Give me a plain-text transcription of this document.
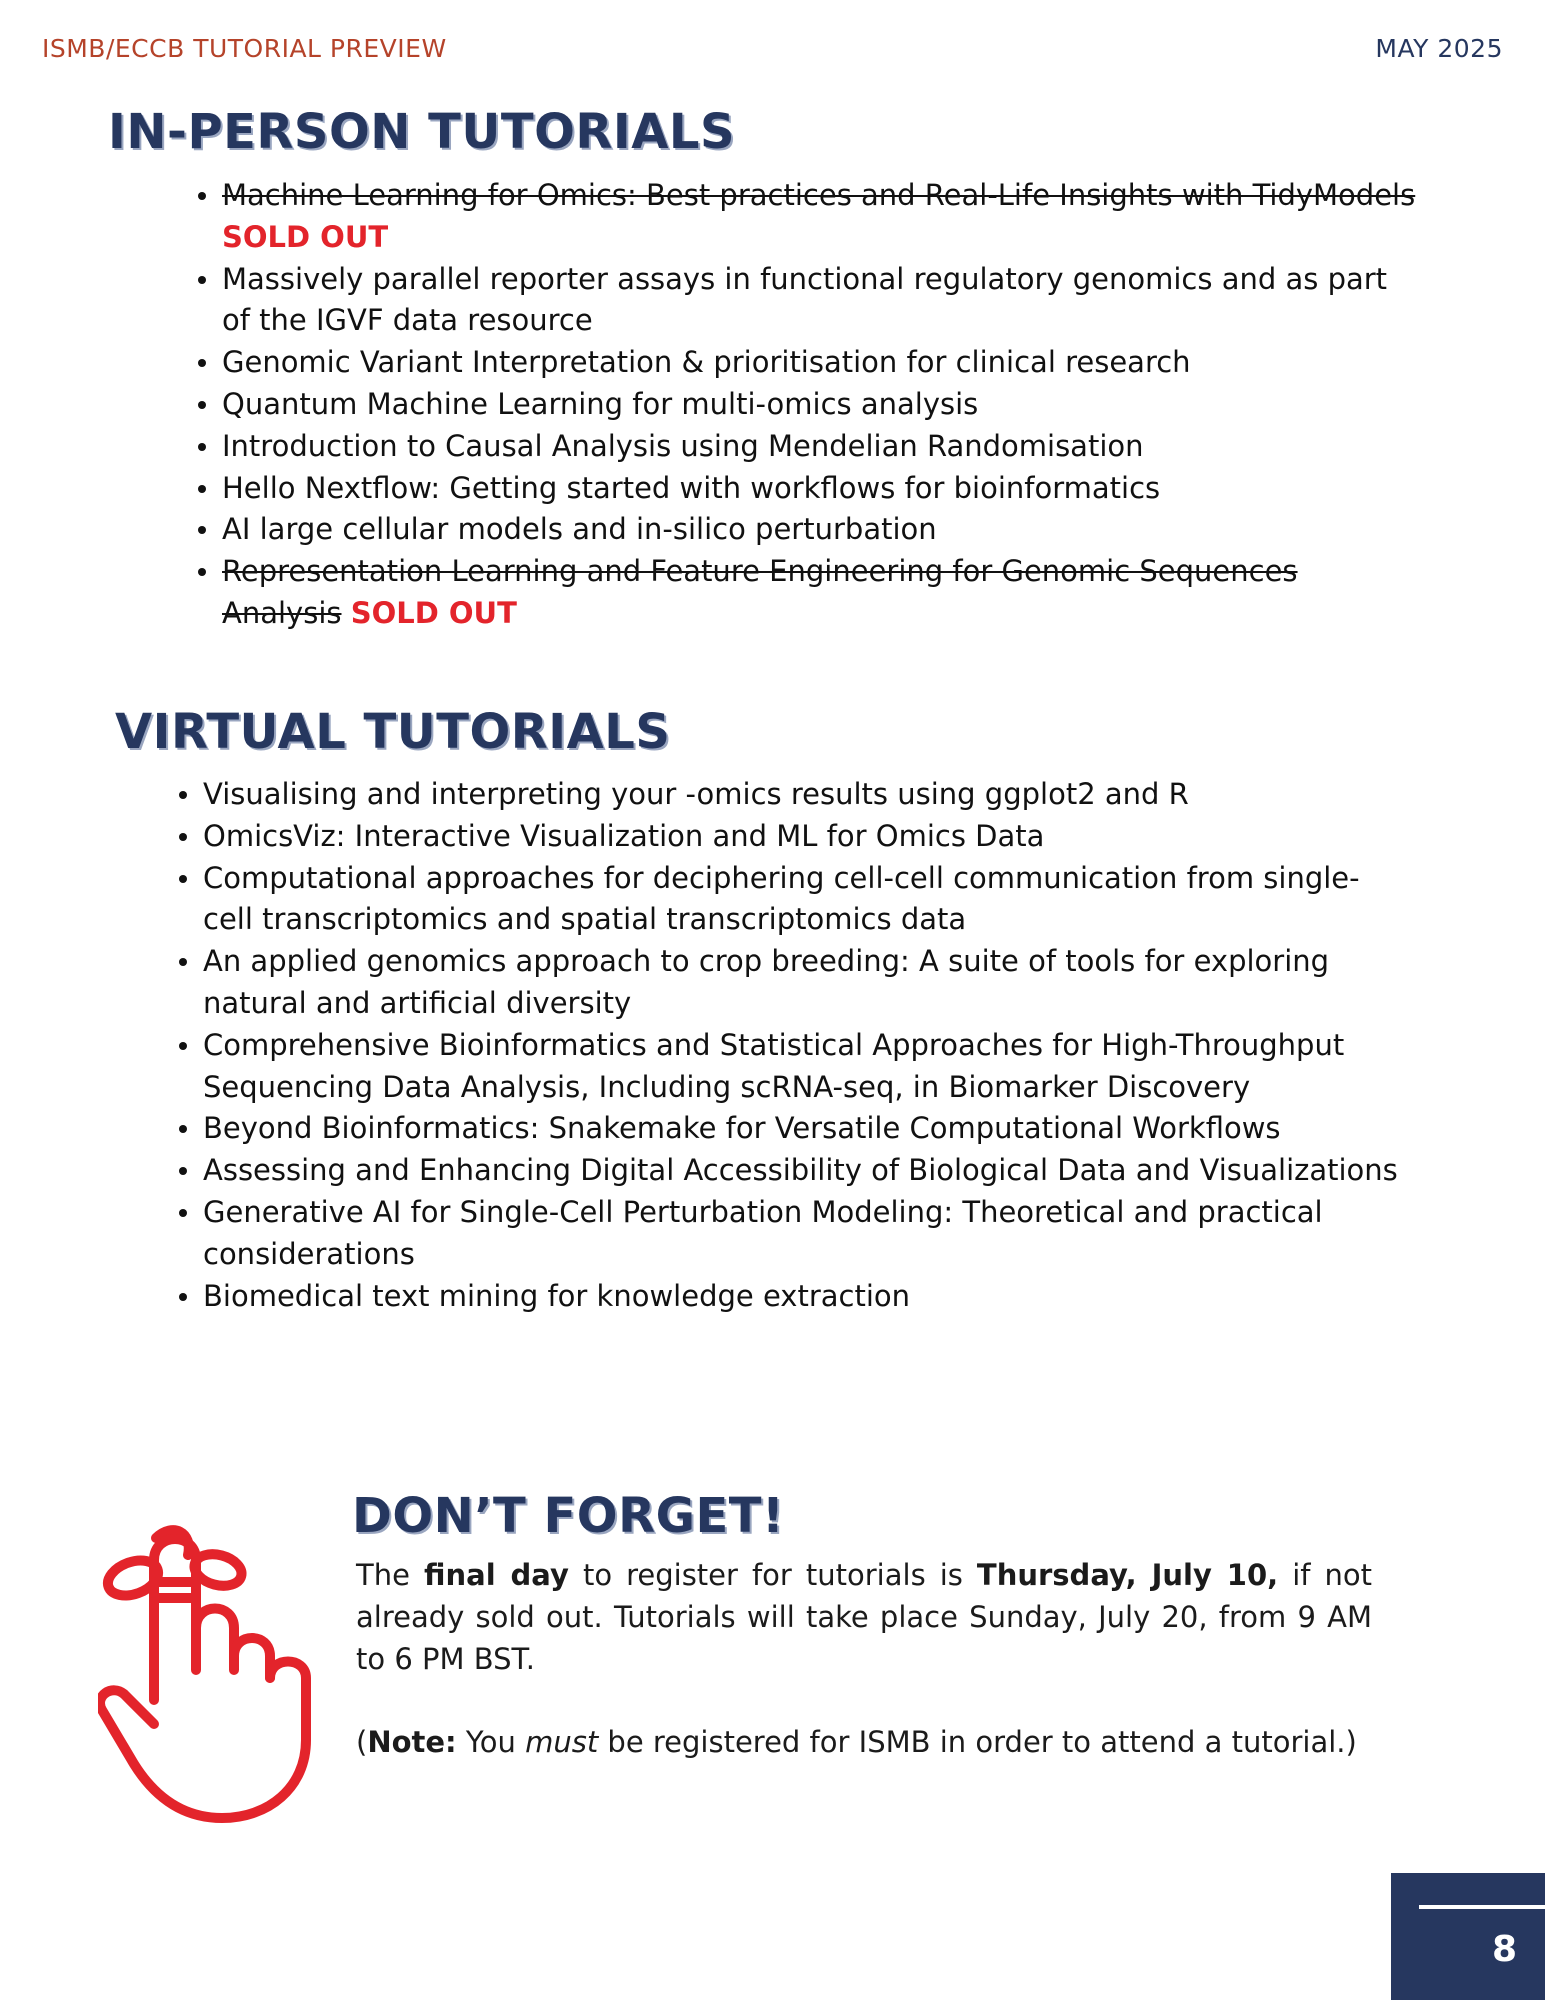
ISMB/ECCB TUTORIAL PREVIEW	MAY 2025
IN-PERSON TUTORIALS
Machine Learning for Omics: Best practices and Real-Life Insights with TidyModels SOLD OUT
Massively parallel reporter assays in functional regulatory genomics and as part of the IGVF data resource
Genomic Variant Interpretation & prioritisation for clinical research
Quantum Machine Learning for multi-omics analysis
Introduction to Causal Analysis using Mendelian Randomisation
Hello Nextflow: Getting started with workflows for bioinformatics
AI large cellular models and in-silico perturbation
Representation Learning and Feature Engineering for Genomic Sequences Analysis SOLD OUT
VIRTUAL TUTORIALS
Visualising and interpreting your -omics results using ggplot2 and R
OmicsViz: Interactive Visualization and ML for Omics Data
Computational approaches for deciphering cell-cell communication from single-cell transcriptomics and spatial transcriptomics data
An applied genomics approach to crop breeding: A suite of tools for exploring natural and artificial diversity
Comprehensive Bioinformatics and Statistical Approaches for High-Throughput Sequencing Data Analysis, Including scRNA-seq, in Biomarker Discovery
Beyond Bioinformatics: Snakemake for Versatile Computational Workflows
Assessing and Enhancing Digital Accessibility of Biological Data and Visualizations
Generative AI for Single-Cell Perturbation Modeling: Theoretical and practical considerations
Biomedical text mining for knowledge extraction
DON’T FORGET!

The final day to register for tutorials is Thursday, July 10, if not already sold out. Tutorials will take place Sunday, July 20, from 9 AM to 6 PM BST.

(Note: You must be registered for ISMB in order to attend a tutorial.)

8
